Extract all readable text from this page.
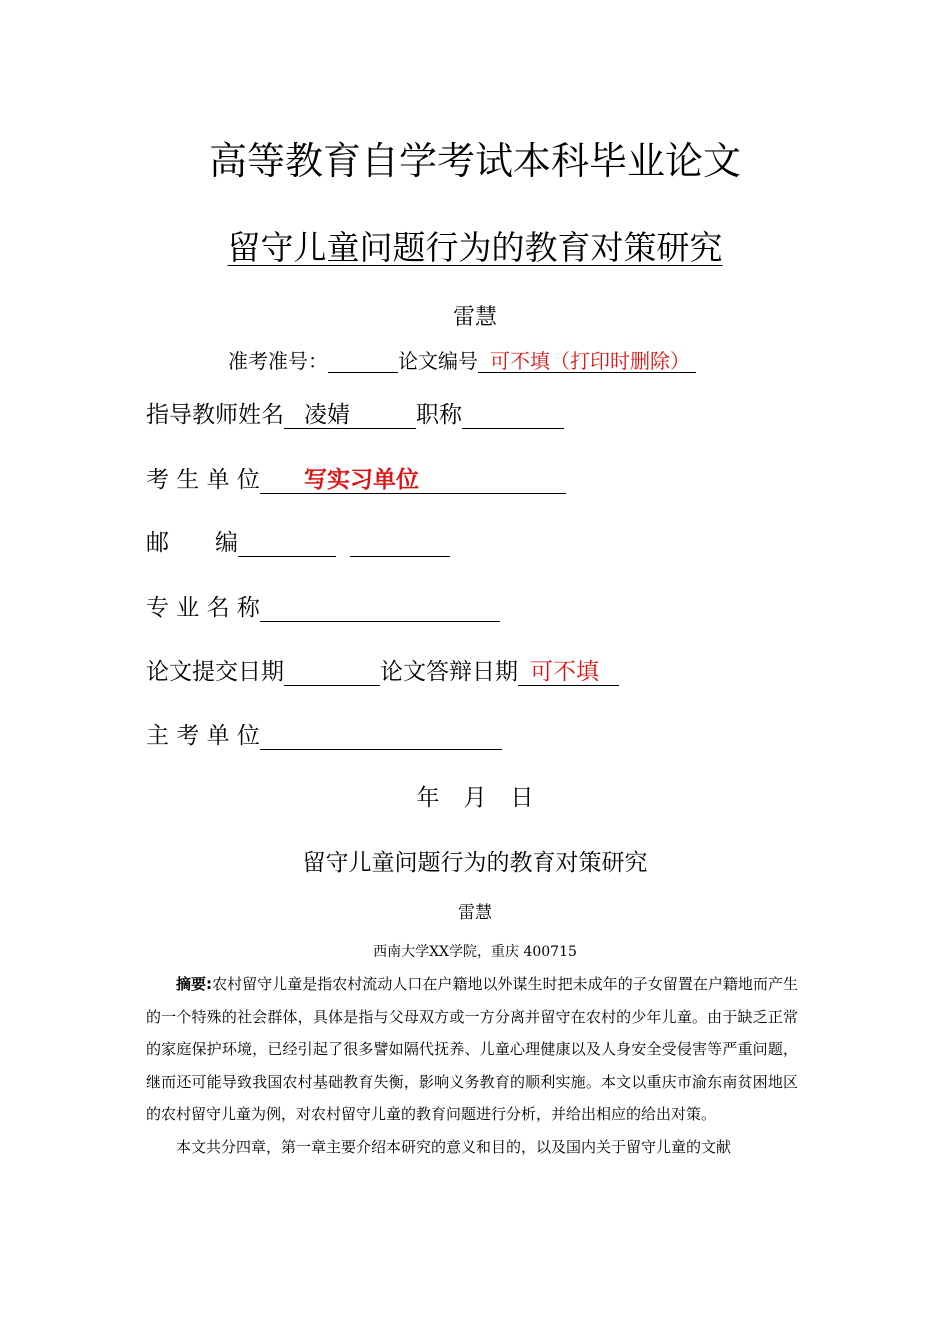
高等教育自学考试本科毕业论文
留守儿童问题行为的教育对策研究
雷慧
准考准号：	论文编号 可不填（打印时删除）
指导教师姓名 凌婧	职称
考 生 单 位 写实习单位
邮　　编
专 业 名 称
论文提交日期	论文答辩日期 可不填
主 考 单 位
年 月 日
留守儿童问题行为的教育对策研究
雷慧
西南大学XX学院，重庆 400715

摘要:农村留守儿童是指农村流动人口在户籍地以外谋生时把未成年的子女留置在户籍地而产生的一个特殊的社会群体，具体是指与父母双方或一方分离并留守在农村的少年儿童。由于缺乏正常的家庭保护环境，已经引起了很多譬如隔代抚养、儿童心理健康以及人身安全受侵害等严重问题，继而还可能导致我国农村基础教育失衡，影响义务教育的顺利实施。本文以重庆市渝东南贫困地区的农村留守儿童为例，对农村留守儿童的教育问题进行分析，并给出相应的给出对策。

本文共分四章，第一章主要介绍本研究的意义和目的，以及国内关于留守儿童的文献
